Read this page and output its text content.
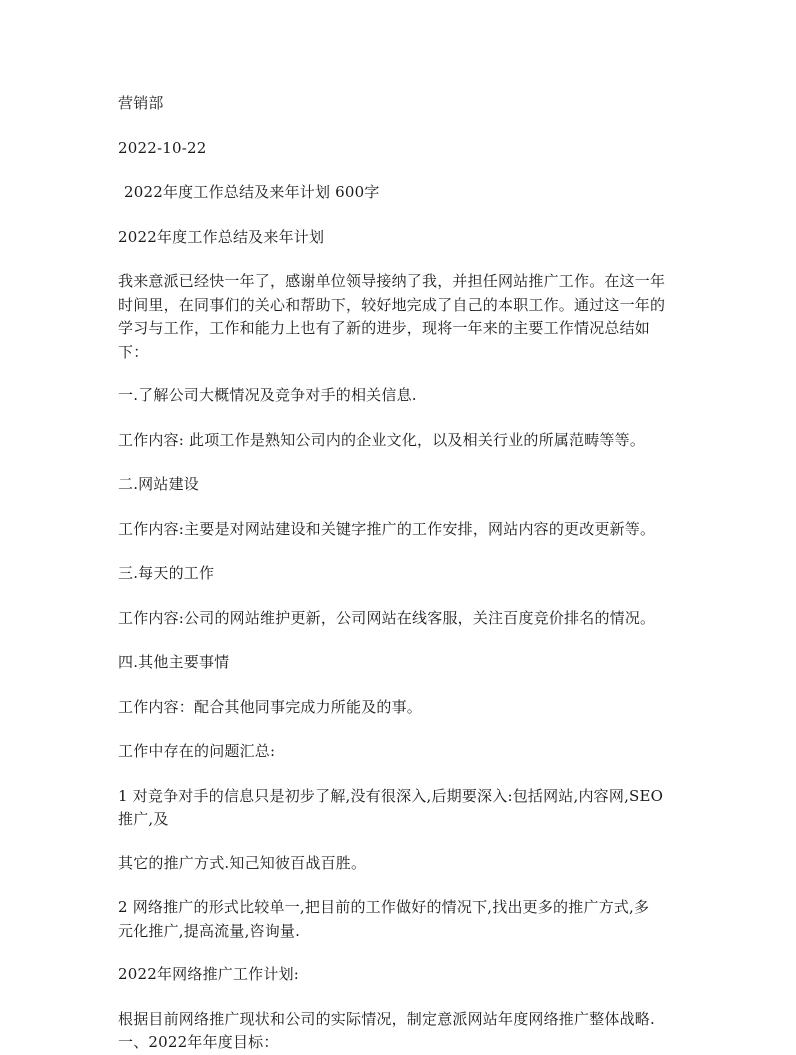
营销部

2022-10-22

2022年度工作总结及来年计划 600字

2022年度工作总结及来年计划

我来意派已经快一年了，感谢单位领导接纳了我，并担任网站推广工作。在这一年
时间里，在同事们的关心和帮助下，较好地完成了自己的本职工作。通过这一年的
学习与工作，工作和能力上也有了新的进步，现将一年来的主要工作情况总结如
下：

一.了解公司大概情况及竞争对手的相关信息.

工作内容: 此项工作是熟知公司内的企业文化，以及相关行业的所属范畴等等。

二.网站建设

工作内容:主要是对网站建设和关键字推广的工作安排，网站内容的更改更新等。

三.每天的工作

工作内容:公司的网站维护更新，公司网站在线客服，关注百度竞价排名的情况。

四.其他主要事情

工作内容：配合其他同事完成力所能及的事。

工作中存在的问题汇总:

1 对竞争对手的信息只是初步了解,没有很深入,后期要深入:包括网站,内容网,SEO
推广,及

其它的推广方式.知己知彼百战百胜。

2 网络推广的形式比较单一,把目前的工作做好的情况下,找出更多的推广方式,多
元化推广,提高流量,咨询量.

2022年网络推广工作计划:

根据目前网络推广现状和公司的实际情况，制定意派网站年度网络推广整体战略.
一、2022年年度目标：
